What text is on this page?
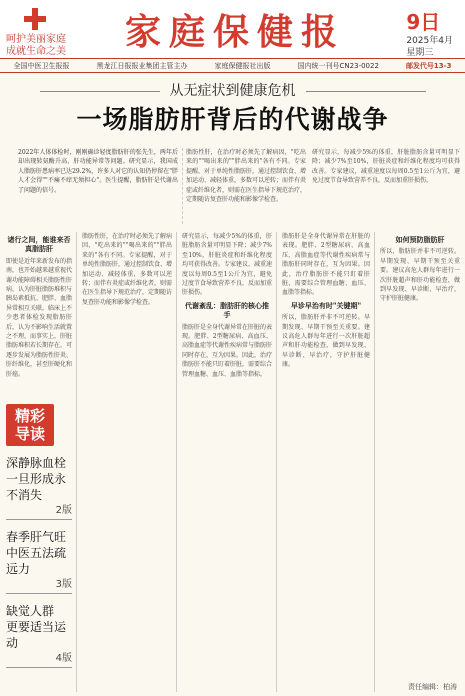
呵护美丽家庭
成就生命之美	家庭保健报	9日
2025年4月
星期三
全国中医卫生报报	黑龙江日报报业集团主管主办	家庭保健报社出版	国内统一刊号CN23-0022	邮发代号13-3
从无症状到健康危机
一场脂肪肝背后的代谢战争
2022年人体体检时，刚刚确诊轻度脂肪肝的张先生，两年后却出现转氨酶升高、肝功能异常等问题。研究显示，我国成人脂肪肝患病率已达29.2%，许多人对它的认知仍停留在"胖人才会得""不痛不痒无须担心"。医生提醒，脂肪肝是代谢出了问题的信号。
脂肪性肝，在治疗时必须先了解病因，"吃出来的""喝出来的""胖出来的"各有不同。专家提醒，对于单纯性脂肪肝，通过控制饮食、增加运动、减轻体重，多数可以逆转；而伴有炎症或纤维化者，则需在医生指导下规范治疗，定期随访复查肝功能和影像学检查。
研究显示，每减少5%的体重，肝脏脂肪含量可明显下降；减少7%至10%，肝脏炎症和纤维化程度均可获得改善。专家建议，减重速度以每周0.5至1公斤为宜，避免过度节食导致营养不良，反而加重肝损伤。
诸行之间，能谁来否真脂肪肝
即使是近年来新发布的指南，也开始越来越重视代谢功能障碍相关脂肪性肝病，认为肝脏脂肪堆积与胰岛素抵抗、肥胖、血脂异常相互关联。临床上不少患者体检发现脂肪肝后，认为不影响生活就置之不理，而事实上，肝脏脂肪堆积若长期存在，可逐步发展为脂肪性肝炎、肝纤维化，甚至肝硬化和肝癌。
脂肪性肝，在治疗时必须先了解病因，"吃出来的""喝出来的""胖出来的"各有不同。专家提醒，对于单纯性脂肪肝，通过控制饮食、增加运动、减轻体重，多数可以逆转；而伴有炎症或纤维化者，则需在医生指导下规范治疗，定期随访复查肝功能和影像学检查。
研究显示，每减少5%的体重，肝脏脂肪含量可明显下降；减少7%至10%，肝脏炎症和纤维化程度均可获得改善。专家建议，减重速度以每周0.5至1公斤为宜，避免过度节食导致营养不良，反而加重肝损伤。
代谢紊乱：脂肪肝的核心推手
脂肪肝是全身代谢异常在肝脏的表现。肥胖、2型糖尿病、高血压、高脂血症等代谢性疾病常与脂肪肝同时存在，互为因果。因此，治疗脂肪肝不能只盯着肝脏，需要综合管理血糖、血压、血脂等指标。
脂肪肝是全身代谢异常在肝脏的表现。肥胖、2型糖尿病、高血压、高脂血症等代谢性疾病常与脂肪肝同时存在，互为因果。因此，治疗脂肪肝不能只盯着肝脏，需要综合管理血糖、血压、血脂等指标。
早诊早治有时"关键期"
所以，脂肪肝并非不可逆转。早期发现、早期干预至关重要。建议高危人群每年进行一次肝脏超声和肝功能检查，做到早发现、早诊断、早治疗，守护肝脏健康。
如何预防脂肪肝
所以，脂肪肝并非不可逆转。早期发现、早期干预至关重要。建议高危人群每年进行一次肝脏超声和肝功能检查，做到早发现、早诊断、早治疗，守护肝脏健康。
精彩
导读
深静脉血栓
一旦形成永不消失
2版
春季肝气旺
中医五法疏远力
3版
缺觉人群
更要适当运动
4版
责任编辑：柏涛
